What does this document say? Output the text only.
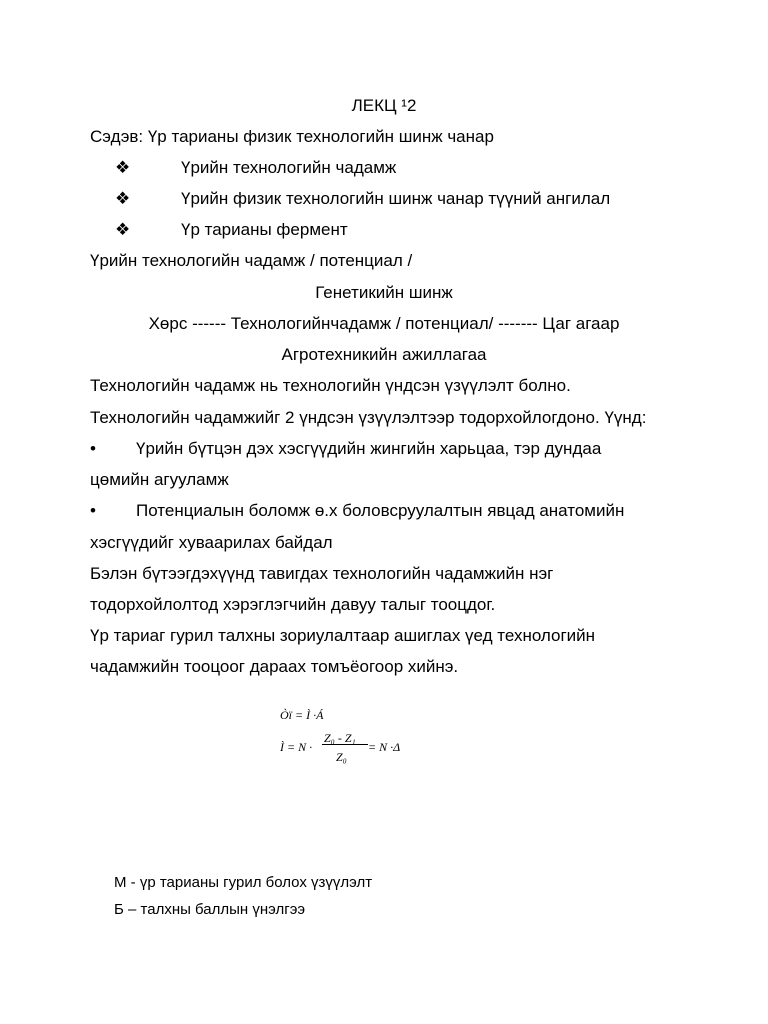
ЛЕКЦ ¹2
Сэдэв: Үр тарианы физик технологийн шинж чанар
❖	Үрийн технологийн чадамж
❖	Үрийн физик технологийн шинж чанар түүний ангилал
❖	Үр тарианы фермент
Үрийн технологийн чадамж / потенциал /
Генетикийн шинж
Хөрс ------ Технологийнчадамж / потенциал/ ------- Цаг агаар
Агротехникийн ажиллагаа
Технологийн чадамж нь технологийн үндсэн үзүүлэлт болно.
Технологийн чадамжийг 2 үндсэн үзүүлэлтээр тодорхойлогдоно. Үүнд:
• Үрийн бүтцэн дэх хэсгүүдийн жингийн харьцаа, тэр дундаа
цөмийн агууламж
• Потенциалын боломж ө.х боловсруулалтын явцад анатомийн
хэсгүүдийг хуваарилах байдал
Бэлэн бүтээгдэхүүнд тавигдах технологийн чадамжийн нэг
тодорхойлолтод хэрэглэгчийн давуу талыг тооцдог.
Үр тариаг гурил талхны зориулалтаар ашиглах үед технологийн
чадамжийн тооцоог дараах томъёогоор хийнэ.
Òï = Ì ·Á
Ì = N ·
Z₀ - Z₁
Z₀
= N ·Δ
М - үр тарианы гурил болох үзүүлэлт
Б – талхны баллын үнэлгээ
